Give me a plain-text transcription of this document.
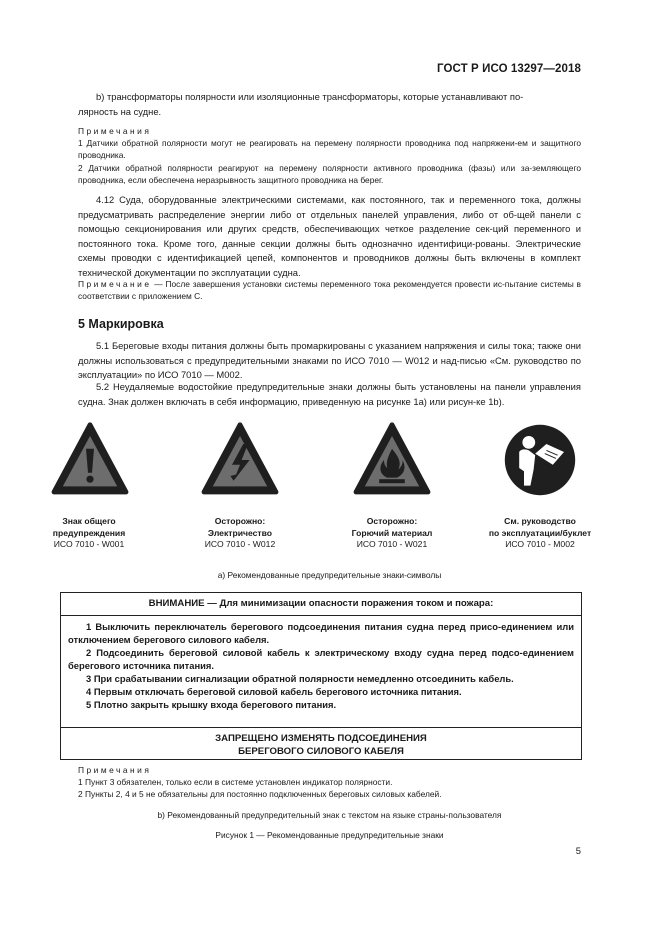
ГОСТ Р ИСО 13297—2018
b) трансформаторы полярности или изоляционные трансформаторы, которые устанавливают по-
лярность на судне.
Примечания
1 Датчики обратной полярности могут не реагировать на перемену полярности проводника под напряжени-ем и защитного проводника.
2 Датчики обратной полярности реагируют на перемену полярности активного проводника (фазы) или за-земляющего проводника, если обеспечена неразрывность защитного проводника на берег.
4.12 Суда, оборудованные электрическими системами, как постоянного, так и переменного тока, должны предусматривать распределение энергии либо от отдельных панелей управления, либо от об-щей панели с помощью секционирования или других средств, обеспечивающих четкое разделение сек-ций переменного и постоянного тока. Кроме того, данные секции должны быть однозначно идентифици-рованы. Электрические схемы проводки с идентификацией цепей, компонентов и проводников должны быть включены в комплект технической документации по эксплуатации судна.
Примечание — После завершения установки системы переменного тока рекомендуется провести ис-пытание системы в соответствии с приложением С.
5 Маркировка
5.1 Береговые входы питания должны быть промаркированы с указанием напряжения и силы тока; также они должны использоваться с предупредительными знаками по ИСО 7010 — W012 и над-писью «См. руководство по эксплуатации» по ИСО 7010 — М002.
5.2 Неудаляемые водостойкие предупредительные знаки должны быть установлены на панели управления судна. Знак должен включать в себя информацию, приведенную на рисунке 1а) или рисун-ке 1b).
Знак общего
предупреждения
ИСО 7010 - W001
Осторожно:
Электричество
ИСО 7010 - W012
Осторожно:
Горючий материал
ИСО 7010 - W021
См. руководство
по эксплуатации/буклет
ИСО 7010 - М002
а) Рекомендованные предупредительные знаки-символы
ВНИМАНИЕ — Для минимизации опасности поражения током и пожара:
1 Выключить переключатель берегового подсоединения питания судна перед присо-единением или отключением берегового силового кабеля.
2 Подсоединить береговой силовой кабель к электрическому входу судна перед подсо-единением берегового источника питания.
3 При срабатывании сигнализации обратной полярности немедленно отсоединить кабель.
4 Первым отключать береговой силовой кабель берегового источника питания.
5 Плотно закрыть крышку входа берегового питания.
ЗАПРЕЩЕНО ИЗМЕНЯТЬ ПОДСОЕДИНЕНИЯ
БЕРЕГОВОГО СИЛОВОГО КАБЕЛЯ
Примечания
1 Пункт 3 обязателен, только если в системе установлен индикатор полярности.
2 Пункты 2, 4 и 5 не обязательны для постоянно подключенных береговых силовых кабелей.
b) Рекомендованный предупредительный знак с текстом на языке страны-пользователя
Рисунок 1 — Рекомендованные предупредительные знаки
5
